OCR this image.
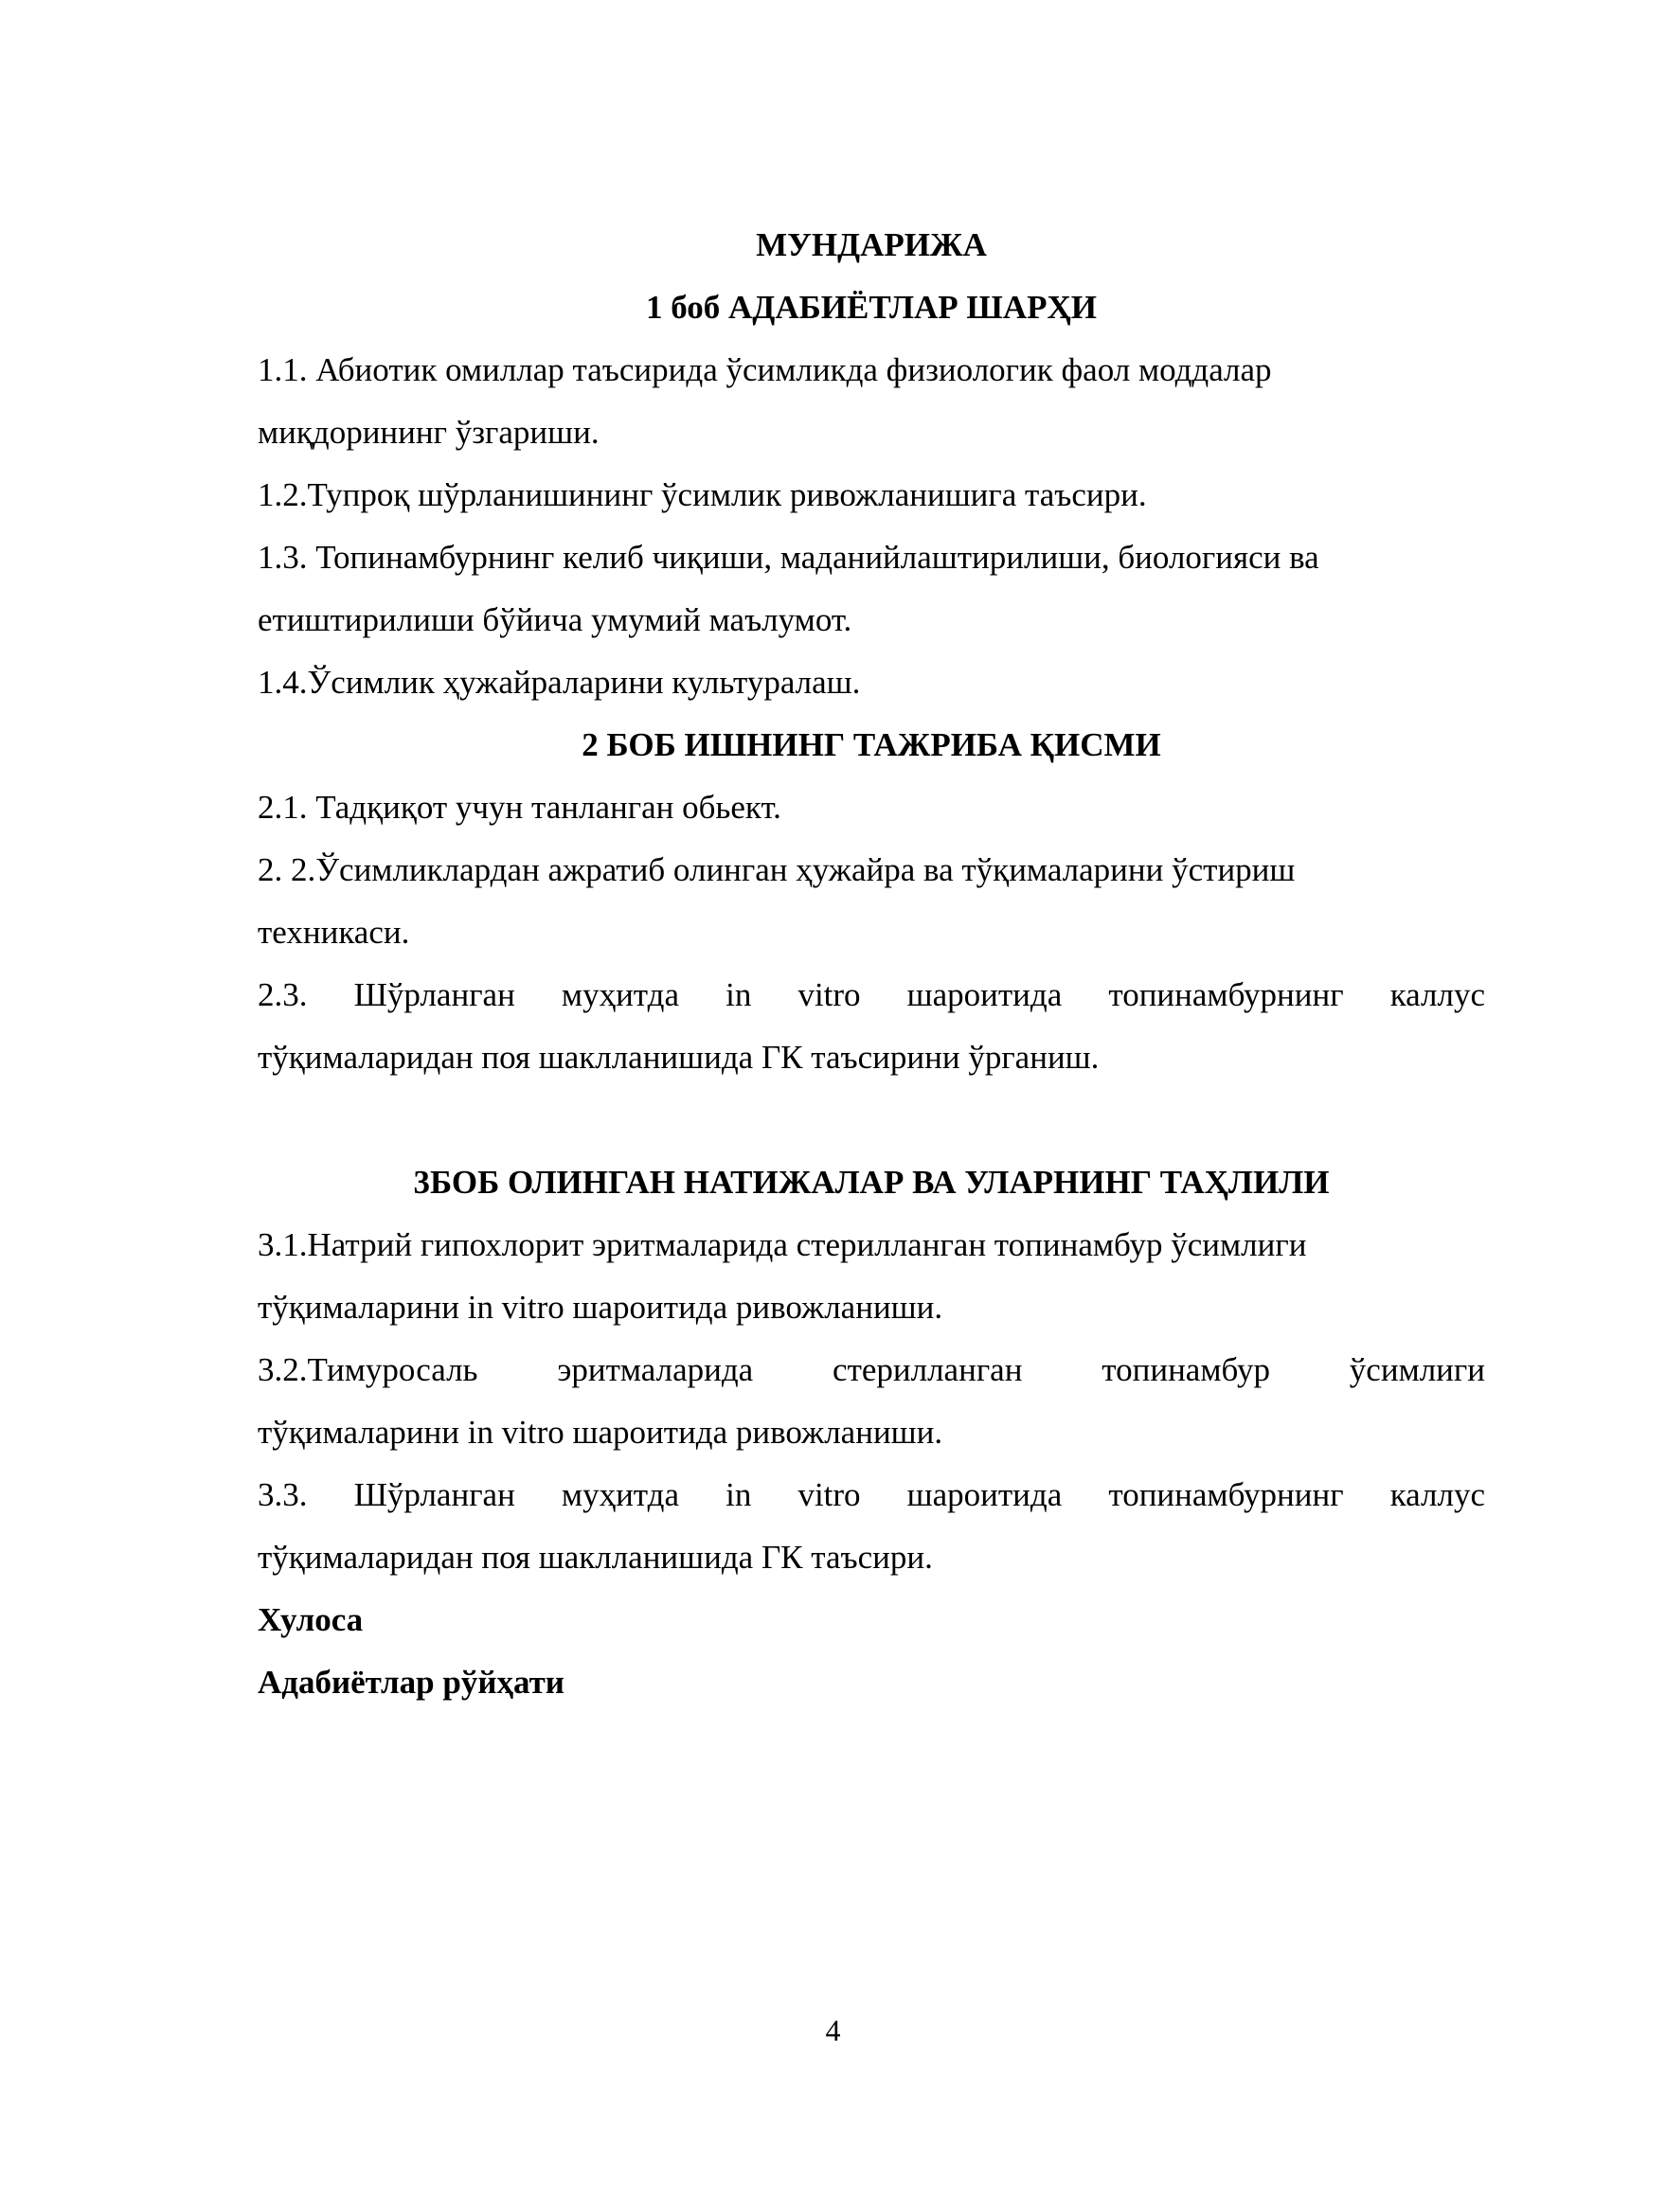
МУНДАРИЖА

1 боб АДАБИЁТЛАР ШАРҲИ

1.1. Абиотик омиллар таъсирида ўсимликда физиологик фаол моддалар

миқдорининг ўзгариши.

1.2.Тупроқ шўрланишининг ўсимлик ривожланишига таъсири.

1.3. Топинамбурнинг келиб чиқиши, маданийлаштирилиши, биологияси ва

етиштирилиши бўйича умумий маълумот.

1.4.Ўсимлик ҳужайраларини культуралаш.

2 БОБ ИШНИНГ ТАЖРИБА ҚИСМИ

2.1. Тадқиқот учун танланган обьект.

2. 2.Ўсимликлардан ажратиб олинган ҳужайра ва тўқималарини ўстириш

техникаси.

2.3. Шўрланган муҳитда in vitro шароитида топинамбурнинг каллус

тўқималаридан поя шаклланишида ГК таъсирини ўрганиш.

3БОБ ОЛИНГАН НАТИЖАЛАР ВА УЛАРНИНГ ТАҲЛИЛИ

3.1.Натрий гипохлорит эритмаларида стерилланган топинамбур ўсимлиги

тўқималарини in vitro шароитида ривожланиши.

3.2.Тимуросаль эритмаларида стерилланган топинамбур ўсимлиги

тўқималарини in vitro шароитида ривожланиши.

3.3. Шўрланган муҳитда in vitro шароитида топинамбурнинг каллус

тўқималаридан поя шаклланишида ГК таъсири.

Хулоса

Адабиётлар рўйҳати

4
